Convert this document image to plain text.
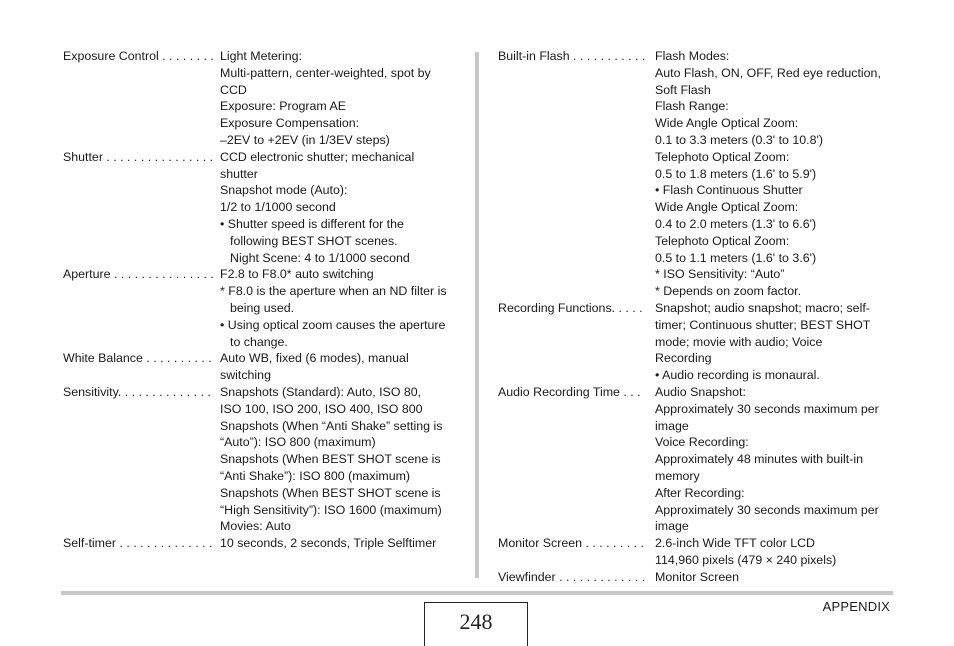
Exposure Control . . . . . . . . Light Metering:
Multi-pattern, center-weighted, spot by
CCD
Exposure: Program AE
Exposure Compensation:
–2EV to +2EV (in 1/3EV steps)
Shutter . . . . . . . . . . . . . . . . CCD electronic shutter; mechanical
shutter
Snapshot mode (Auto):
1/2 to 1/1000 second
• Shutter speed is different for the
following BEST SHOT scenes.
Night Scene: 4 to 1/1000 second
Aperture . . . . . . . . . . . . . . . F2.8 to F8.0* auto switching
* F8.0 is the aperture when an ND filter is
being used.
• Using optical zoom causes the aperture
to change.
White Balance . . . . . . . . . . Auto WB, fixed (6 modes), manual
switching
Sensitivity. . . . . . . . . . . . . . Snapshots (Standard): Auto, ISO 80,
ISO 100, ISO 200, ISO 400, ISO 800
Snapshots (When “Anti Shake” setting is
“Auto”): ISO 800 (maximum)
Snapshots (When BEST SHOT scene is
“Anti Shake”): ISO 800 (maximum)
Snapshots (When BEST SHOT scene is
“High Sensitivity”): ISO 1600 (maximum)
Movies: Auto
Self-timer . . . . . . . . . . . . . . 10 seconds, 2 seconds, Triple Selftimer
Built-in Flash . . . . . . . . . . . Flash Modes:
Auto Flash, ON, OFF, Red eye reduction,
Soft Flash
Flash Range:
Wide Angle Optical Zoom:
0.1 to 3.3 meters (0.3' to 10.8')
Telephoto Optical Zoom:
0.5 to 1.8 meters (1.6' to 5.9')
• Flash Continuous Shutter
Wide Angle Optical Zoom:
0.4 to 2.0 meters (1.3' to 6.6')
Telephoto Optical Zoom:
0.5 to 1.1 meters (1.6' to 3.6')
* ISO Sensitivity: “Auto”
* Depends on zoom factor.
Recording Functions. . . . . Snapshot; audio snapshot; macro; self-
timer; Continuous shutter; BEST SHOT
mode; movie with audio; Voice
Recording
• Audio recording is monaural.
Audio Recording Time . . .	Audio Snapshot:
Approximately 30 seconds maximum per
image
Voice Recording:
Approximately 48 minutes with built-in
memory
After Recording:
Approximately 30 seconds maximum per
image
Monitor Screen . . . . . . . . . 2.6-inch Wide TFT color LCD
114,960 pixels (479 × 240 pixels)
Viewfinder . . . . . . . . . . . . . Monitor Screen
248
APPENDIX
